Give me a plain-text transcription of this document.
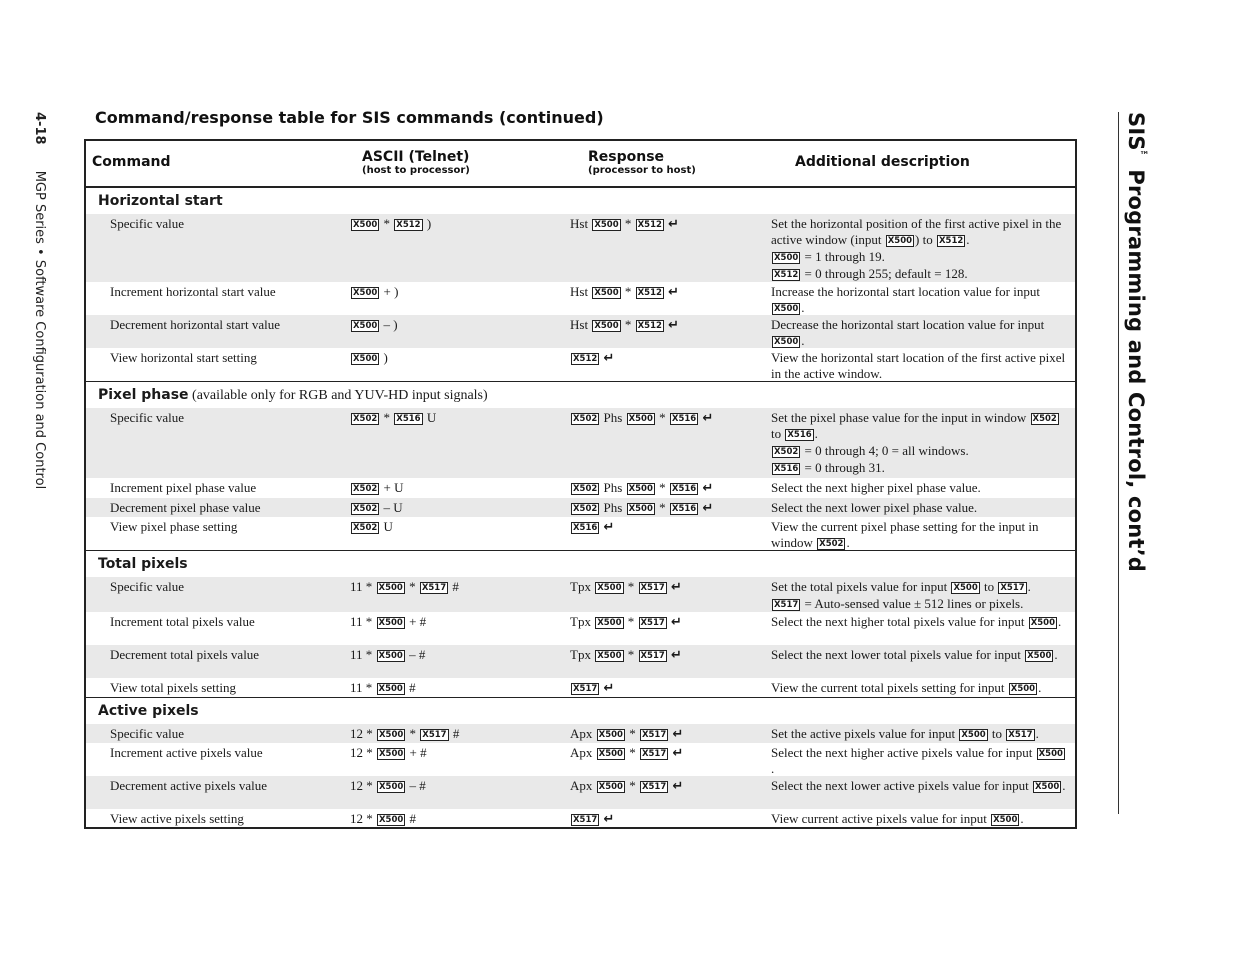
4-18 MGP Series • Software Configuration and Control
SIS™ Programming and Control, cont’d
Command/response table for SIS commands (continued)
Command	ASCII (Telnet)
(host to processor)
Response
(processor to host)
Additional description
Horizontal start
Specific value	X500 * X512 )	Hst X500 * X512 ↵	Set the horizontal position of the first active pixel in the active window (input X500 ) to X512 .
X500 = 1 through 19.
X512 = 0 through 255; default = 128.
Increment horizontal start value	X500 + )	Hst X500 * X512 ↵	Increase the horizontal start location value for input X500 .
Decrement horizontal start value	X500 – )	Hst X500 * X512 ↵	Decrease the horizontal start location value for input X500 .
View horizontal start setting	X500 )	X512 ↵	View the horizontal start location of the first active pixel in the active window.
Pixel phase (available only for RGB and YUV-HD input signals)
Specific value	X502 * X516 U	X502 Phs X500 * X516 ↵	Set the pixel phase value for the input in window X502 to X516 .
X502 = 0 through 4; 0 = all windows.
X516 = 0 through 31.
Increment pixel phase value	X502 + U	X502 Phs X500 * X516 ↵	Select the next higher pixel phase value.
Decrement pixel phase value	X502 – U	X502 Phs X500 * X516 ↵	Select the next lower pixel phase value.
View pixel phase setting	X502 U	X516 ↵	View the current pixel phase setting for the input in window X502 .
Total pixels
Specific value	11 * X500 * X517 #	Tpx X500 * X517 ↵	Set the total pixels value for input X500 to X517 .
X517 = Auto-sensed value ± 512 lines or pixels.
Increment total pixels value	11 * X500 + #	Tpx X500 * X517 ↵	Select the next higher total pixels value for input X500 .
Decrement total pixels value	11 * X500 – #	Tpx X500 * X517 ↵	Select the next lower total pixels value for input X500 .
View total pixels setting	11 * X500 #	X517 ↵	View the current total pixels setting for input X500 .
Active pixels
Specific value	12 * X500 * X517 #	Apx X500 * X517 ↵	Set the active pixels value for input X500 to X517 .
Increment active pixels value	12 * X500 + #	Apx X500 * X517 ↵	Select the next higher active pixels value for input X500.
Decrement active pixels value	12 * X500 – #	Apx X500 * X517 ↵	Select the next lower active pixels value for input X500 .
View active pixels setting	12 * X500 #	X517 ↵	View current active pixels value for input X500 .
